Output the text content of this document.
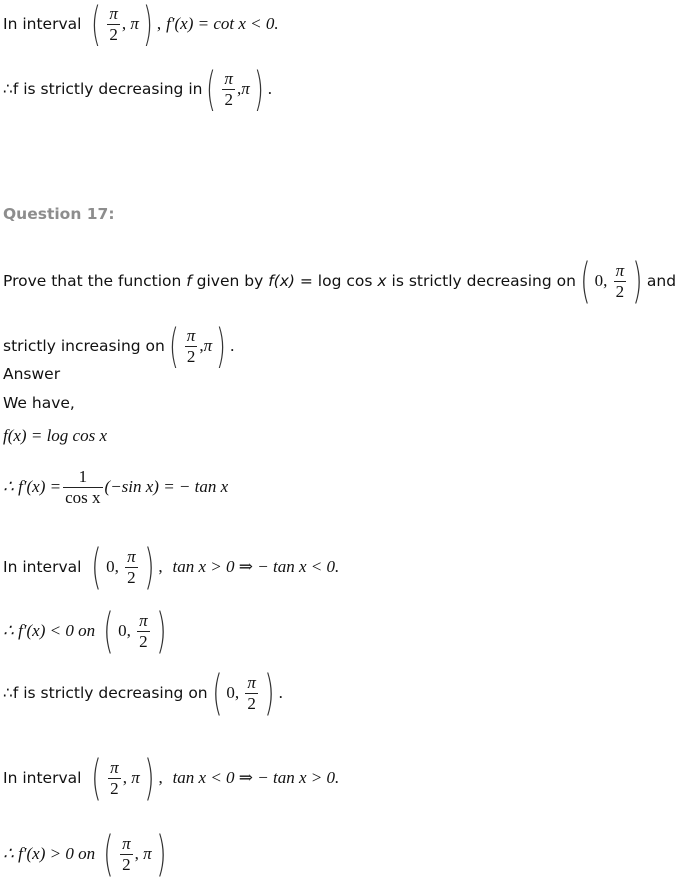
In interval ( $\frac{\pi}{2}$ ,
π ) ,
f′(x) = cot x < 0.
∴f is strictly decreasing in ( $\frac{\pi}{2}$ , π ) .
Question 17:
Prove that the function
f
given by
f(x)
= log cos
x
is strictly decreasing on ( 0,
$\frac{\pi}{2}$ ) and
strictly increasing on ( $\frac{\pi}{2}$ , π ) .
Answer
We have,
f(x) = log cos x
∴ $f'(x) = \frac{1}{\text{cos x}} (-\sin$ x) = − tan x
In interval ( 0,
$\frac{\pi}{2}$ ) ,
tan x > 0 ⇒ − tan x < 0.
∴ f′(x) < 0 on
( 0,
$\frac{\pi}{2}$ )
∴f is strictly decreasing on ( 0,
$\frac{\pi}{2}$ ) .
In interval ( $\frac{\pi}{2}$ ,
π ) ,
tan x < 0 ⇒ − tan x > 0.
∴ f′(x) > 0 on
( $\frac{\pi}{2}$ ,
π )
